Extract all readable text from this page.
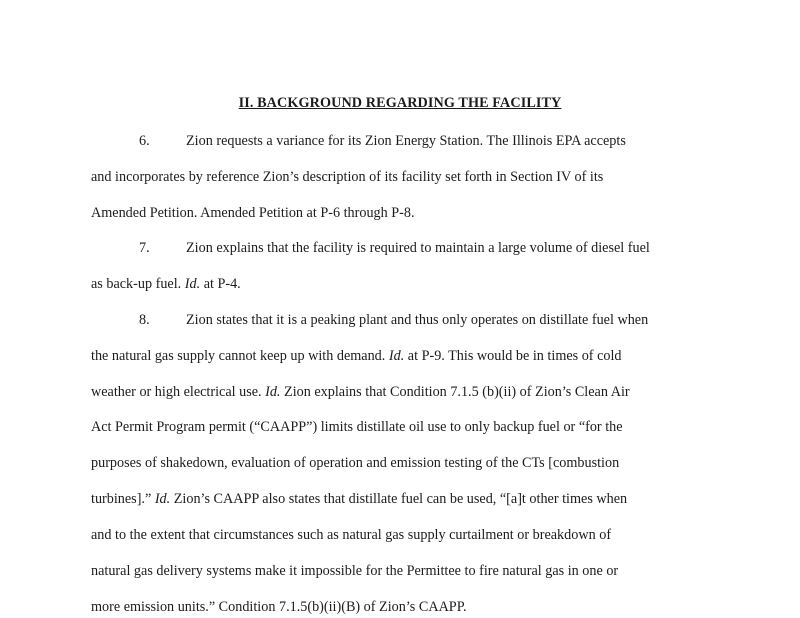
II. BACKGROUND REGARDING THE FACILITY
6.	Zion requests a variance for its Zion Energy Station. The Illinois EPA accepts
and incorporates by reference Zion’s description of its facility set forth in Section IV of its
Amended Petition. Amended Petition at P-6 through P-8.
7.	Zion explains that the facility is required to maintain a large volume of diesel fuel
as back-up fuel. Id. at P-4.
8.	Zion states that it is a peaking plant and thus only operates on distillate fuel when
the natural gas supply cannot keep up with demand. Id. at P-9. This would be in times of cold
weather or high electrical use. Id. Zion explains that Condition 7.1.5 (b)(ii) of Zion’s Clean Air
Act Permit Program permit (“CAAPP”) limits distillate oil use to only backup fuel or “for the
purposes of shakedown, evaluation of operation and emission testing of the CTs [combustion
turbines].” Id. Zion’s CAAPP also states that distillate fuel can be used, “[a]t other times when
and to the extent that circumstances such as natural gas supply curtailment or breakdown of
natural gas delivery systems make it impossible for the Permittee to fire natural gas in one or
more emission units.” Condition 7.1.5(b)(ii)(B) of Zion’s CAAPP.
